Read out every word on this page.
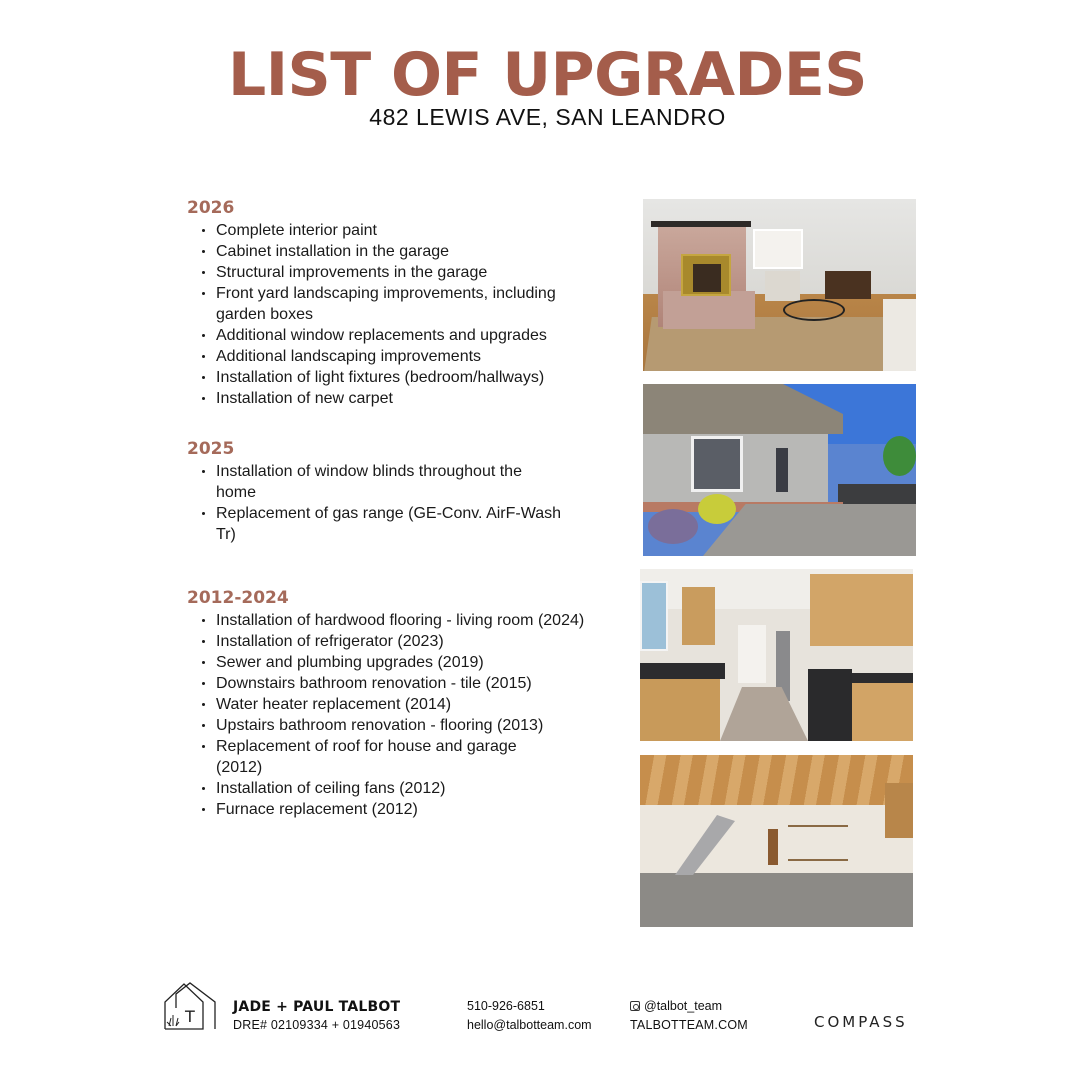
LIST OF UPGRADES
482 LEWIS AVE, SAN LEANDRO
2026
Complete interior paint
Cabinet installation in the garage
Structural improvements in the garage
Front yard landscaping improvements, including garden boxes
Additional window replacements and upgrades
Additional landscaping improvements
Installation of light fixtures (bedroom/hallways)
Installation of new carpet
2025
Installation of window blinds throughout the home
Replacement of gas range (GE-Conv. AirF-Wash Tr)
2012-2024
Installation of hardwood flooring - living room (2024)
Installation of refrigerator (2023)
Sewer and plumbing upgrades (2019)
Downstairs bathroom renovation - tile (2015)
Water heater replacement (2014)
Upstairs bathroom renovation - flooring (2013)
Replacement of roof for house and garage (2012)
Installation of ceiling fans (2012)
Furnace replacement (2012)
T	JADE + PAUL TALBOT
DRE# 02109334 + 01940563
510-926-6851
hello@talbotteam.com
@talbot_team
TALBOTTEAM.COM	COMPASS
